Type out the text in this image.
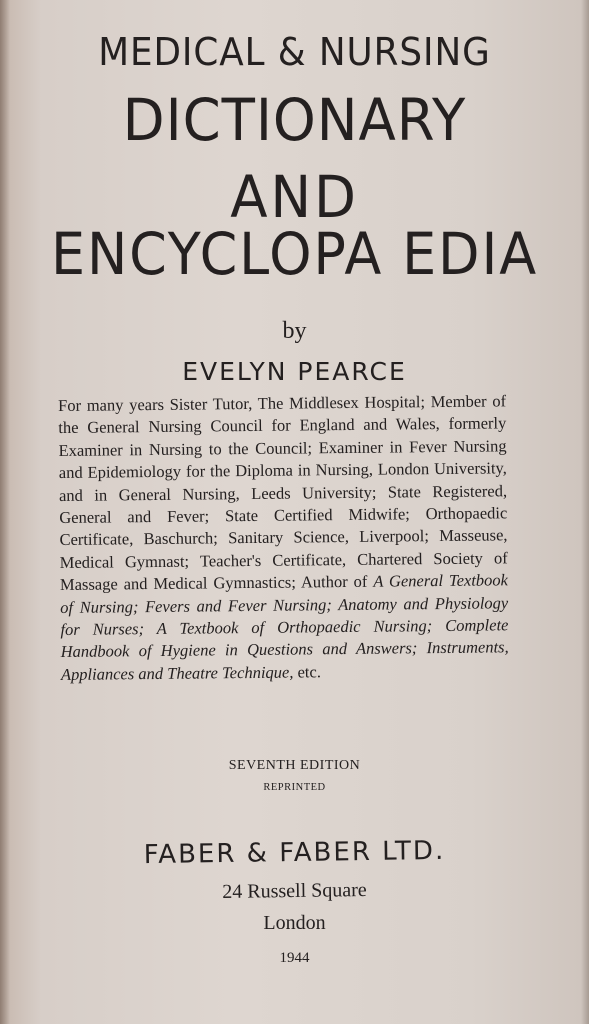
MEDICAL & NURSING
DICTIONARY
AND
ENCYCLOPA EDIA
by
EVELYN PEARCE
For many years Sister Tutor, The Middlesex Hospital; Member of the General Nursing Council for England and Wales, formerly Examiner in Nursing to the Council; Examiner in Fever Nursing and Epidemiology for the Diploma in Nursing, London University, and in General Nursing, Leeds University; State Registered, General and Fever; State Certified Midwife; Orthopaedic Certificate, Baschurch; Sanitary Science, Liverpool; Masseuse, Medical Gymnast; Teacher's Certificate, Chartered Society of Massage and Medical Gymnastics; Author of A General Textbook of Nursing; Fevers and Fever Nursing; Anatomy and Physiology for Nurses; A Textbook of Orthopaedic Nursing; Complete Handbook of Hygiene in Questions and Answers; Instruments, Appliances and Theatre Technique, etc.
SEVENTH EDITION
REPRINTED
FABER & FABER LTD.
24 Russell Square
London
1944
